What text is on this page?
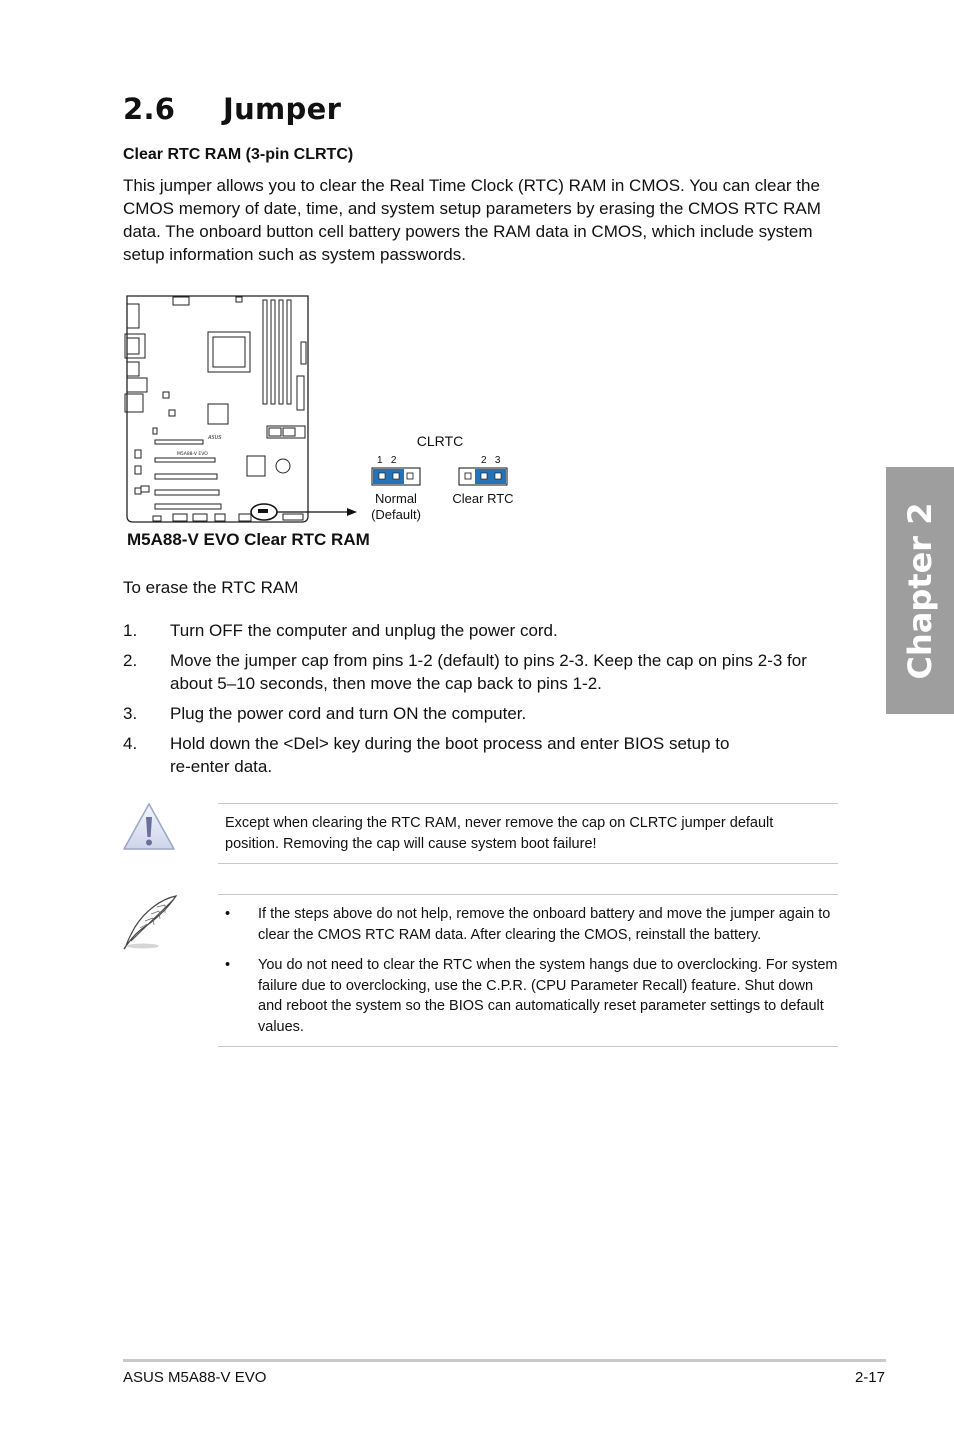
2.6 Jumper
Clear RTC RAM (3-pin CLRTC)

This jumper allows you to clear the Real Time Clock (RTC) RAM in CMOS. You can clear the CMOS memory of date, time, and system setup parameters by erasing the CMOS RTC RAM data. The onboard button cell battery powers the RAM data in CMOS, which include system setup information such as system passwords.

ASUS
M5A88-V EVO
CLRTC
1   2	2   3
Normal
(Default)
Clear RTC

M5A88-V EVO Clear RTC RAM

To erase the RTC RAM

1. Turn OFF the computer and unplug the power cord.
2. Move the jumper cap from pins 1-2 (default) to pins 2-3. Keep the cap on pins 2-3 for about 5–10 seconds, then move the cap back to pins 1-2.
3. Plug the power cord and turn ON the computer.
4. Hold down the <Del> key during the boot process and enter BIOS setup to re-enter data.

Except when clearing the RTC RAM, never remove the cap on CLRTC jumper default position. Removing the cap will cause system boot failure!

• If the steps above do not help, remove the onboard battery and move the jumper again to clear the CMOS RTC RAM data. After clearing the CMOS, reinstall the battery.
• You do not need to clear the RTC when the system hangs due to overclocking. For system failure due to overclocking, use the C.P.R. (CPU Parameter Recall) feature. Shut down and reboot the system so the BIOS can automatically reset parameter settings to default values.
Chapter 2
ASUS M5A88-V EVO	2-17
